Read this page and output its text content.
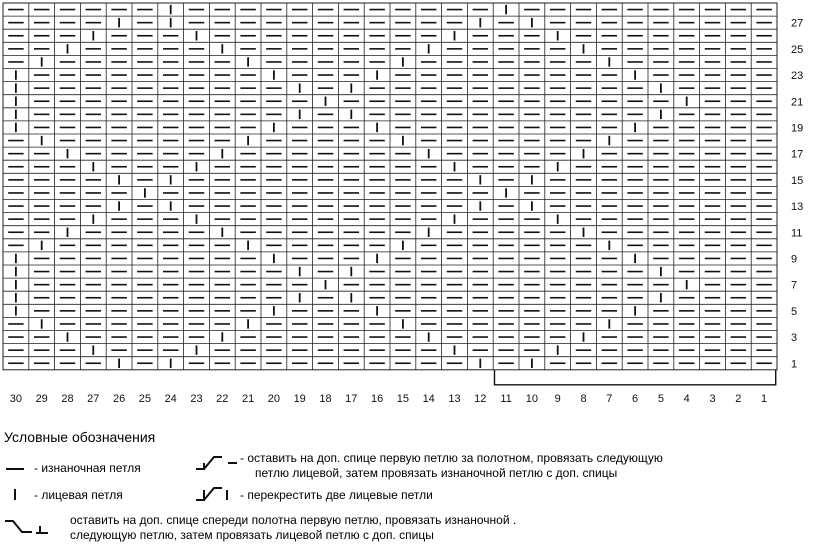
1
3
5
7
9
11
13
15
17
19
21
23
25
27
30 29 28 27 26 25 24 23 22 21 20 19 18 17 16 15 14 13 12 11 10 9 8 7 6 5 4 3 2 1
Условные обозначения
- изнаночная петля
- лицевая петля
- оставить на доп. спице первую петлю за полотном, провязать следующую
петлю лицевой, затем провязать изнаночной петлю с доп. спицы
- перекрестить две лицевые петли
оставить на доп. спице спереди полотна первую петлю, провязать изнаночной .
следующую петлю, затем провязать лицевой петлю с доп. спицы
